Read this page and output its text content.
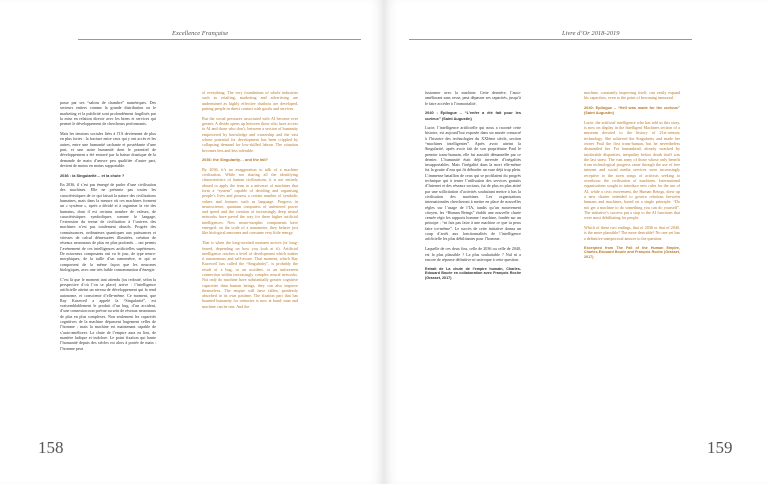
Excellence Française

passe par ses “salons de chambre” numériques. Des secteurs entiers comme la grande distribution ou le marketing et la publicité sont profondément fragilisés par la mise en relation directe avec les biens et services qui permet le développement de chercheurs performants.

Mais les tensions sociales liées à l’IA deviennent de plus en plus fortes : la fracture entre ceux qui y ont accès et les autres, entre une humanité cachante et possédante d’une part, et une autre humanité dont le potentiel de développement a été entravé par la baisse drastique de la demande de main d’œuvre peu qualifiée d’autre part, devient de moins en moins supportable.

2036 : la Singularité… et la chute ?

En 2036, il s’est pas émergé de parler d’une civilisation des machines. Elle ne présente pas toutes les caractéristiques de ce qui faisait la nature des civilisations humaines, mais dans la mesure où ces machines forment un « système », après a décidé et à organiser la vie des humains, dont il est certains nombre de valeurs, de caractéristiques symboliques comme le langage, l’extension du terme de civilisation à l’univers des machines n’est pas totalement abusifs. Progrès des connaissances, ordinateurs quantiques aux puissances et vitesses de calcul démesurées illimitées, création de réseaux neuronaux de plus en plus profonds… ont permis l’avènement de ces intelligences artificielles supérieures. De nouveaux composants ont vu le jour, de type neuro-morphiques, de la taille d’un nanomètre, et qui se comportent de la même façon que les neurones biologiques, avec une très faible consommation d’énergie.

C’est là que le moment tant attendu (ou redouté, selon la perspective d’où l’on se place) arrive : l’intelligence artificielle atteint un niveau de développement qui la rend autonome, et consciente d’elle-même. Ce moment, que Ray Kurzweil a appelé la “Singularité”, est vraisemblablement le produit d’un bug, d’un accident, d’une connexion non prévue au sein de réseaux neuronaux de plus en plus complexes. Non seulement les capacités cognitives de la machine dépassent largement celles de l’homme ; mais la machine est maintenant capable de s’auto-améliorer. La chute de l’empire aura eu lieu, de manière ludique et indolore. Le point fixation qui hante l’humanité depuis des siècles est alors à portée de main : l’homme peut

of everything. The very foundations of whole industries such as retailing, marketing and advertising are undermined as highly effective chatbots are developed, putting people in direct contact with goods and services.

But the social pressures associated with AI become ever greater. A divide opens up between those who have access to AI and those who don’t, between a section of humanity empowered by knowledge and ownership and the vast whose potential for development has been crippled by collapsing demand for low-skilled labour. The situation becomes less and less tolerable.

2036: the Singularity… and the fall?

By 2036, it’s no exaggeration to talk of a machine civilization. While not sharing all the identifying characteristics of human civilizations, it is not entirely absurd to apply the term to a universe of machines that form a “system” capable of deciding and organising people’s lives and possess a certain number of symbolic values and features such as language. Progress in neuroscience, quantum computers of unfettered power and speed and the creation of increasingly deep neural networks have paved the way for these higher artificial intelligences. New neuro-morphic components have emerged: on the scale of a nanometre, they behave just like biological neurones and consume very little energy.

That is when the long-awaited moment arrives (or long-feared, depending on how you look at it). Artificial intelligence reaches a level of development which makes it autonomous and self-aware. That moment, which Ray Kurzweil has called the “Singularity”, is probably the result of a bug, or an accident, or an unforeseen connection within increasingly complex neural networks. Not only do machine have substantially greater cognitive capacities than human beings, they can also improve themselves. The empire will have fallen, painlessly absorbed in its own pastime. The fixation part that has haunted humanity for centuries is now at hand: man and machine can be one. And the

158
Livre d’Or 2018-2019

fusionner avec la machine. Cette dernière, l’auto-améliorant sans cesse, peut dépasser ses capacités, jusqu’à le faire accéder à l’immortalité.

2040 : Épilogue – “L’enfer a été fait pour les curieux” (Saint Augustin)

Lucie, l’intelligence artificielle qui nous a raconté cette histoire, est aujourd’hui exposée dans un musée consacré à l’histoire des technologies du XXIème siècle, section “machines intelligentes”. Après avoir atteint la Singularité, après avoir fait de son propriétaire Paul le premier trans-humain, elle fut aussitôt démantelée par ce dernier. L’humanité était déjà inversée d’inégalités insupportables. Mais l’inégalité dans la mort elle-même fut la goutte d’eau qui fit déborder un vase déjà trop plein. L’immense bataillon de ceux qui se profilaient du progrès technique qui à tenter l’utilisation des services gratuits d’Internet et des réseaux sociaux, fut de plus en plus attiré par une sollicitation d’activités souhaitant mettre à bas la civilisation des machines. Les organisations internationales chercheront à mettre en place de nouvelles règles sur l’usage de l’IA, tandis qu’un mouvement citoyen, les “Human Beings” établit une nouvelle charte censée régir les rapports homme / machine, fondée sur un principe : “ni fais pas faire à une machine ce que tu peux faire toi-même”. Le succès de cette initiative donna un coup d’arrêt aux fonctionnalités de l’intelligence artificielle les plus débilitantes pour l’homme.

Laquelle de ces deux fins, celle de 2036 ou celle de 2040, est la plus plausible ? La plus souhaitable ? Nul ni a encore de réponse définitive ni univoque à cette question.

Extrait de La chute de l’empire humain, Charles-Edouard Bouée en collaboration avec François Roche (Grasset, 2017)

machine, constantly improving itself, can vastly expand his capacities, even to the point of becoming immortal.

2040: Epilogue – “Hell was made for the curious” (Saint Augustin)

Lucie, the artificial intelligence who has told us this story, is now on display in the Intelligent Machines section of a museum devoted to the history of 21st-century technology. She achieved the Singularity and made her owner Paul the first trans-human, but he nevertheless dismantled her. For humankind, already wracked by intolerable disparities, inequality before death itself was the last straw. The vast army of those whose only benefit from technological progress came through the use of free internet and social media services were increasingly receptive to the siren songs of activists seeking to overthrow the civilisation of machines. International organisations sought to introduce new rules for the use of AI, while a civic movement, the Human Beings, drew up a new charter intended to govern relations between humans and machines, based on a single principle: “Do not get a machine to do something you can do yourself”. The initiative’s success put a stop to the AI functions that were most debilitating for people.

Which of these two endings, that of 2036 or that of 2040, is the more plausible? The more desirable? No one yet has a definitive unequivocal answer to the question.

Excerpted from The Fall of the Human Empire, Charles-Edouard Bouée and François Roche (Grasset, 2017)

159
